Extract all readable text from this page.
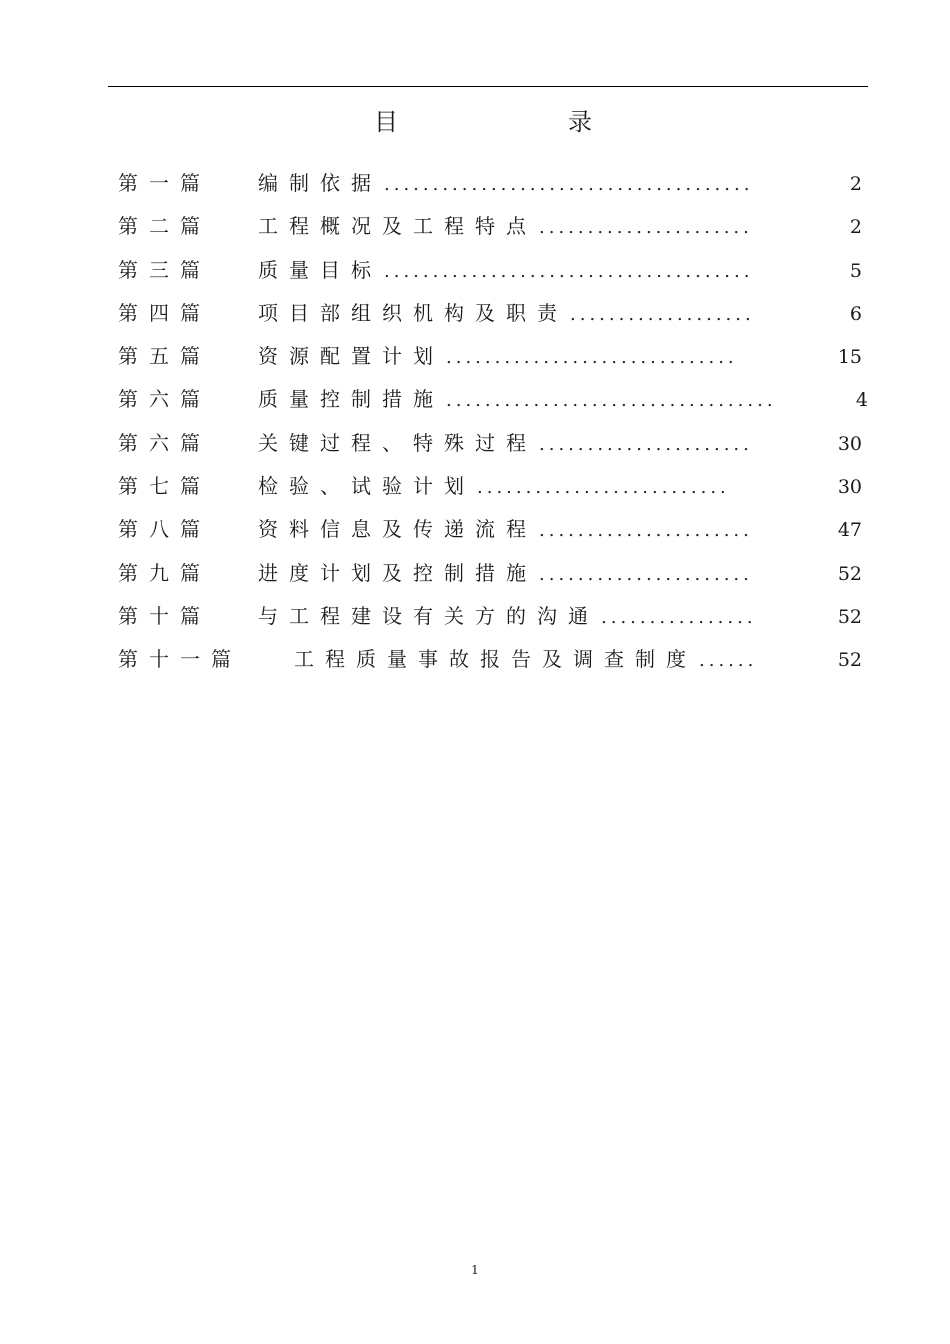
目	录
第一篇 编制依据 ......................................	2
第二篇 工程概况及工程特点 ......................	2
第三篇 质量目标 ......................................	5
第四篇 项目部组织机构及职责 ...................	6
第五篇 资源配置计划 ..............................	15
第六篇 质量控制措施 ..................................	4
第六篇 关键过程、特殊过程 ......................	30
第七篇 检验、试验计划 ..........................	30
第八篇 资料信息及传递流程 ......................	47
第九篇 进度计划及控制措施 ......................	52
第十篇 与工程建设有关方的沟通 ................	52
第十一篇	工程质量事故报告及调查制度 ......	52
1
